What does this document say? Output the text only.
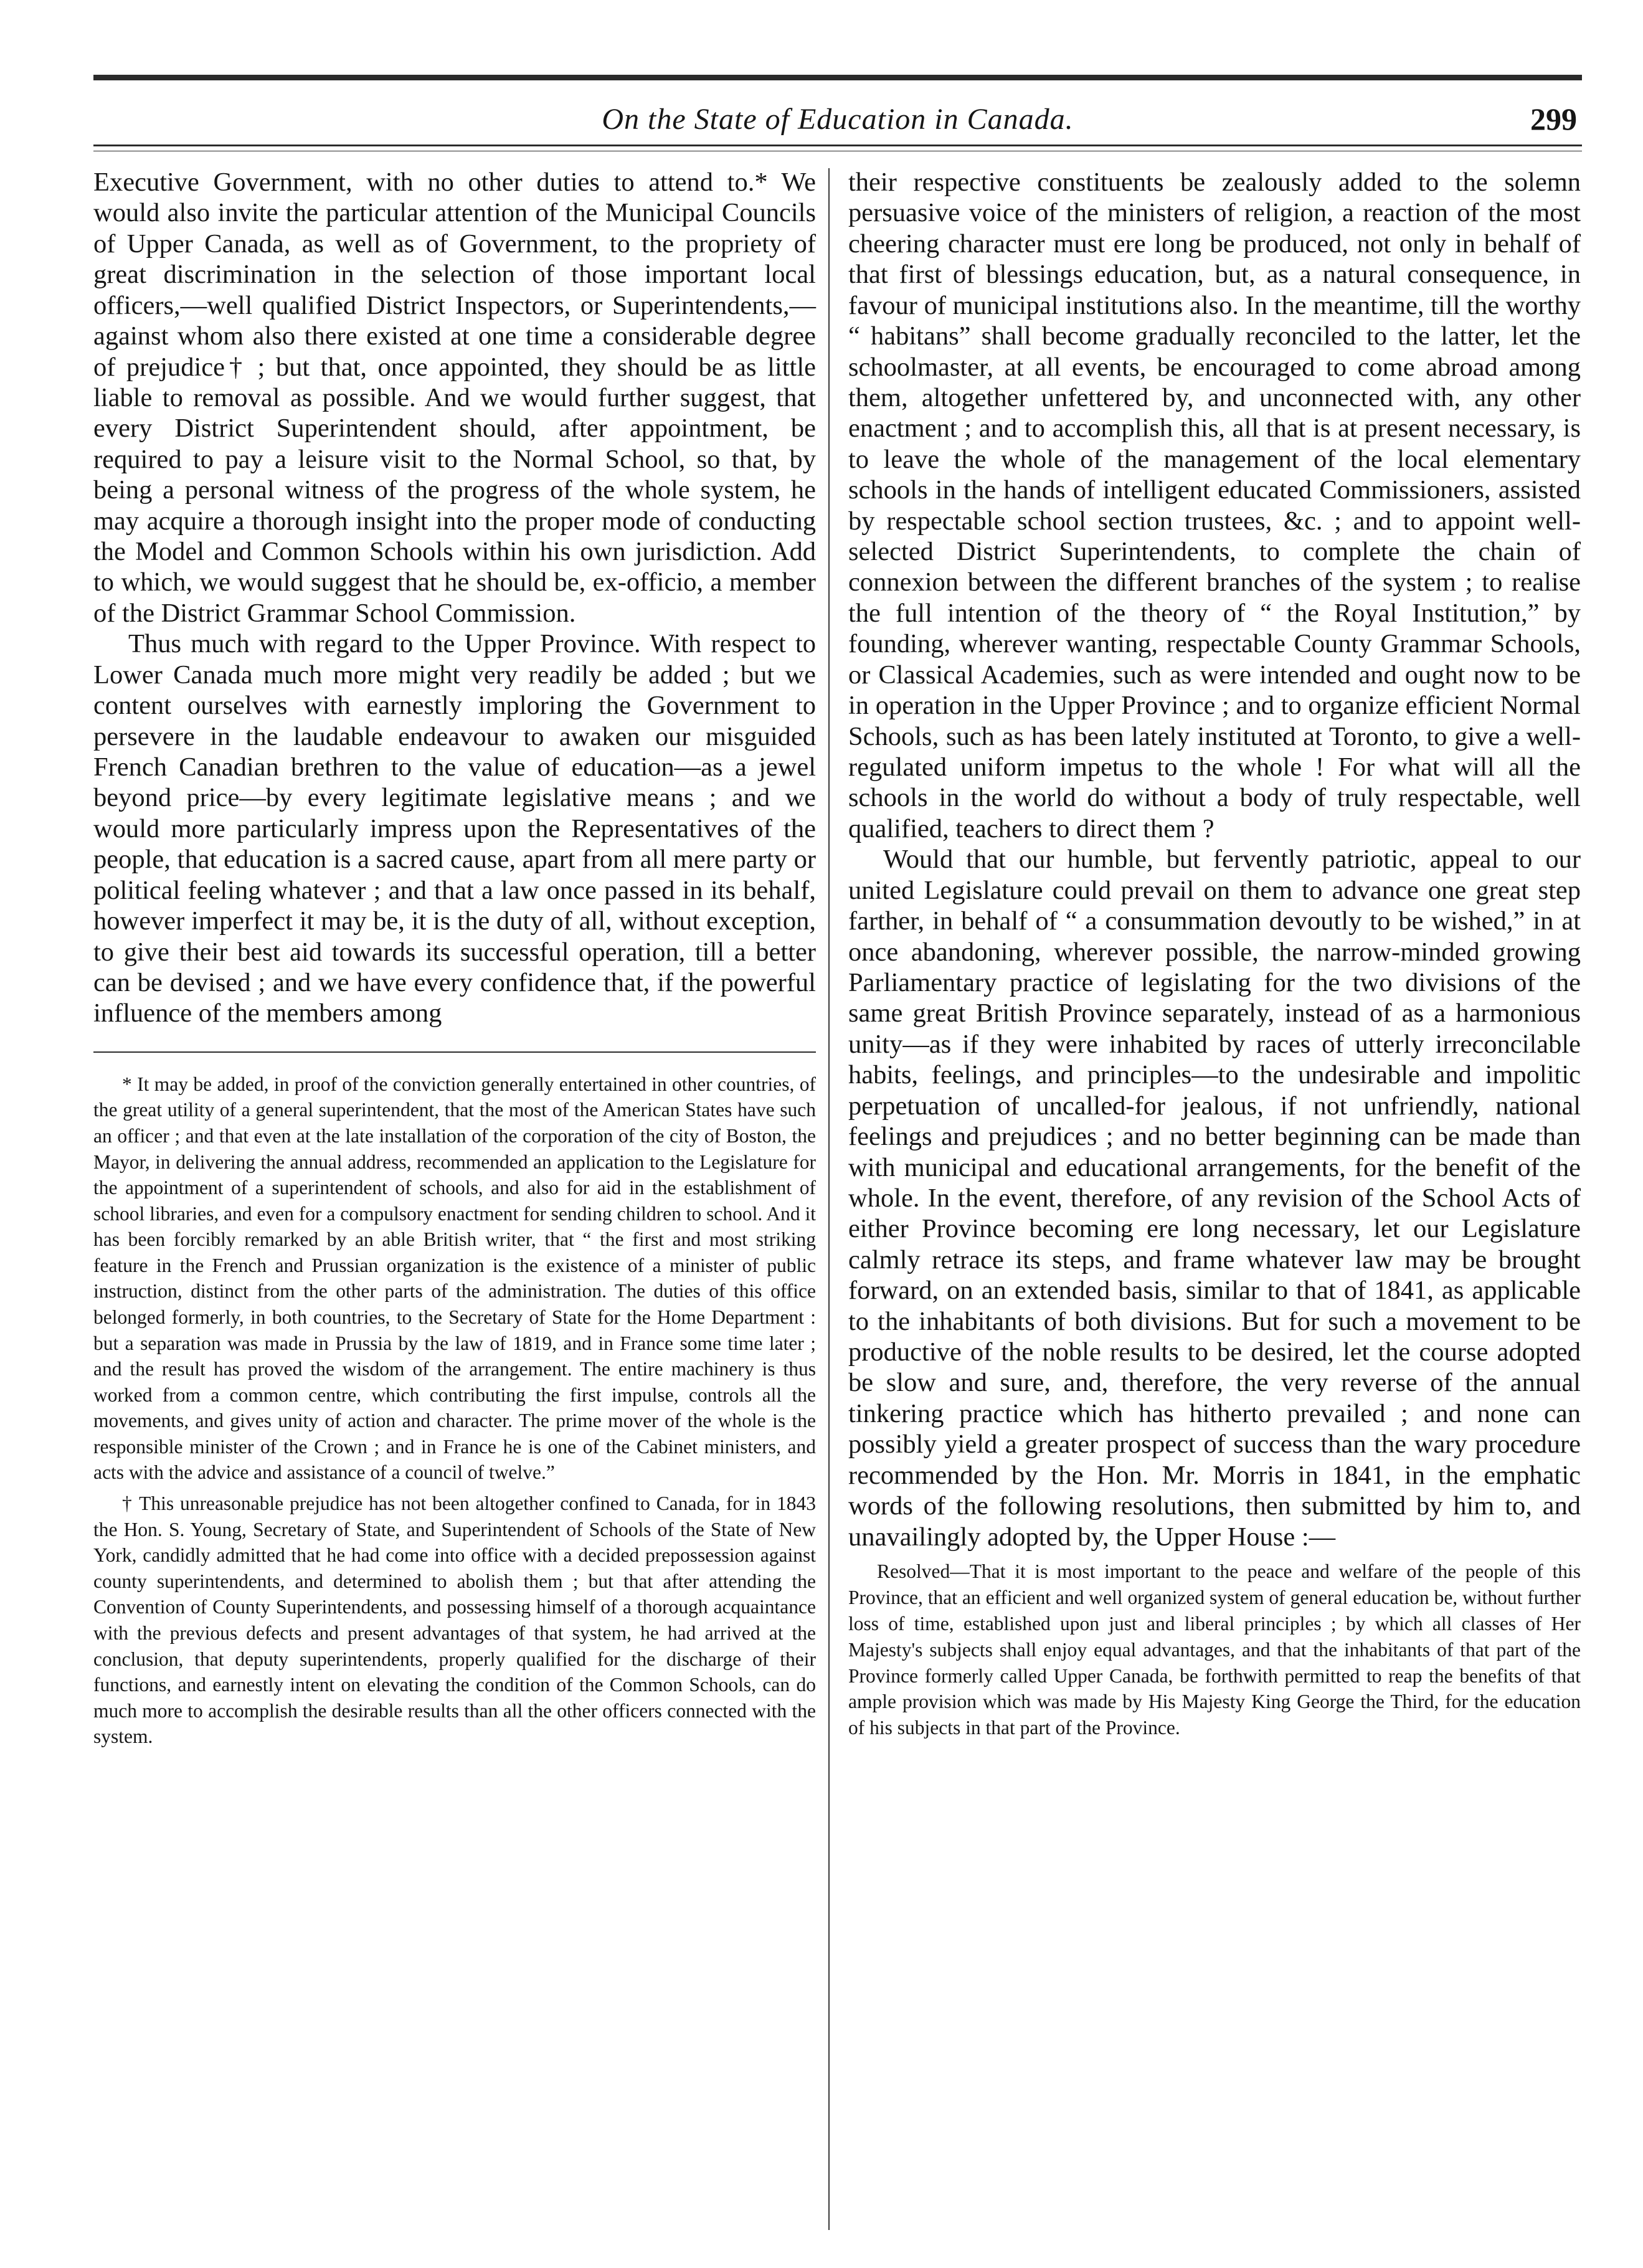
On the State of Education in Canada.	299

Executive Government, with no other duties to attend to.* We would also invite the particular attention of the Municipal Councils of Upper Canada, as well as of Government, to the propriety of great discrimination in the selection of those important local officers,—well qualified District Inspectors, or Superintendents,—against whom also there existed at one time a considerable degree of prejudice† ; but that, once appointed, they should be as little liable to removal as possible. And we would further suggest, that every District Superintendent should, after appointment, be required to pay a leisure visit to the Normal School, so that, by being a personal witness of the progress of the whole system, he may acquire a thorough insight into the proper mode of conducting the Model and Common Schools within his own jurisdiction. Add to which, we would suggest that he should be, ex-officio, a member of the District Grammar School Commission.

Thus much with regard to the Upper Province. With respect to Lower Canada much more might very readily be added ; but we content ourselves with earnestly imploring the Government to persevere in the laudable endeavour to awaken our misguided French Canadian brethren to the value of education—as a jewel beyond price—by every legitimate legislative means ; and we would more particularly impress upon the Representatives of the people, that education is a sacred cause, apart from all mere party or political feeling whatever ; and that a law once passed in its behalf, however imperfect it may be, it is the duty of all, without exception, to give their best aid towards its successful operation, till a better can be devised ; and we have every confidence that, if the powerful influence of the members among

* It may be added, in proof of the conviction generally entertained in other countries, of the great utility of a general superintendent, that the most of the American States have such an officer ; and that even at the late installation of the corporation of the city of Boston, the Mayor, in delivering the annual address, recommended an application to the Legislature for the appointment of a superintendent of schools, and also for aid in the establishment of school libraries, and even for a compulsory enactment for sending children to school. And it has been forcibly remarked by an able British writer, that “ the first and most striking feature in the French and Prussian organization is the existence of a minister of public instruction, distinct from the other parts of the administration. The duties of this office belonged formerly, in both countries, to the Secretary of State for the Home Department : but a separation was made in Prussia by the law of 1819, and in France some time later ; and the result has proved the wisdom of the arrangement. The entire machinery is thus worked from a common centre, which contributing the first impulse, controls all the movements, and gives unity of action and character. The prime mover of the whole is the responsible minister of the Crown ; and in France he is one of the Cabinet ministers, and acts with the advice and assistance of a council of twelve.”

† This unreasonable prejudice has not been altogether confined to Canada, for in 1843 the Hon. S. Young, Secretary of State, and Superintendent of Schools of the State of New York, candidly admitted that he had come into office with a decided prepossession against county superintendents, and determined to abolish them ; but that after attending the Convention of County Superintendents, and possessing himself of a thorough acquaintance with the previous defects and present advantages of that system, he had arrived at the conclusion, that deputy superintendents, properly qualified for the discharge of their functions, and earnestly intent on elevating the condition of the Common Schools, can do much more to accomplish the desirable results than all the other officers connected with the system.

their respective constituents be zealously added to the solemn persuasive voice of the ministers of religion, a reaction of the most cheering character must ere long be produced, not only in behalf of that first of blessings education, but, as a natural consequence, in favour of municipal institutions also. In the meantime, till the worthy “ habitans” shall become gradually reconciled to the latter, let the schoolmaster, at all events, be encouraged to come abroad among them, altogether unfettered by, and unconnected with, any other enactment ; and to accomplish this, all that is at present necessary, is to leave the whole of the management of the local elementary schools in the hands of intelligent educated Commissioners, assisted by respectable school section trustees, &c. ; and to appoint well-selected District Superintendents, to complete the chain of connexion between the different branches of the system ; to realise the full intention of the theory of “ the Royal Institution,” by founding, wherever wanting, respectable County Grammar Schools, or Classical Academies, such as were intended and ought now to be in operation in the Upper Province ; and to organize efficient Normal Schools, such as has been lately instituted at Toronto, to give a well-regulated uniform impetus to the whole ! For what will all the schools in the world do without a body of truly respectable, well qualified, teachers to direct them ?

Would that our humble, but fervently patriotic, appeal to our united Legislature could prevail on them to advance one great step farther, in behalf of “ a consummation devoutly to be wished,” in at once abandoning, wherever possible, the narrow-minded growing Parliamentary practice of legislating for the two divisions of the same great British Province separately, instead of as a harmonious unity—as if they were inhabited by races of utterly irreconcilable habits, feelings, and principles—to the undesirable and impolitic perpetuation of uncalled-for jealous, if not unfriendly, national feelings and prejudices ; and no better beginning can be made than with municipal and educational arrangements, for the benefit of the whole. In the event, therefore, of any revision of the School Acts of either Province becoming ere long necessary, let our Legislature calmly retrace its steps, and frame whatever law may be brought forward, on an extended basis, similar to that of 1841, as applicable to the inhabitants of both divisions. But for such a movement to be productive of the noble results to be desired, let the course adopted be slow and sure, and, therefore, the very reverse of the annual tinkering practice which has hitherto prevailed ; and none can possibly yield a greater prospect of success than the wary procedure recommended by the Hon. Mr. Morris in 1841, in the emphatic words of the following resolutions, then submitted by him to, and unavailingly adopted by, the Upper House :—

Resolved—That it is most important to the peace and welfare of the people of this Province, that an efficient and well organized system of general education be, without further loss of time, established upon just and liberal principles ; by which all classes of Her Majesty's subjects shall enjoy equal advantages, and that the inhabitants of that part of the Province formerly called Upper Canada, be forthwith permitted to reap the benefits of that ample provision which was made by His Majesty King George the Third, for the education of his subjects in that part of the Province.
